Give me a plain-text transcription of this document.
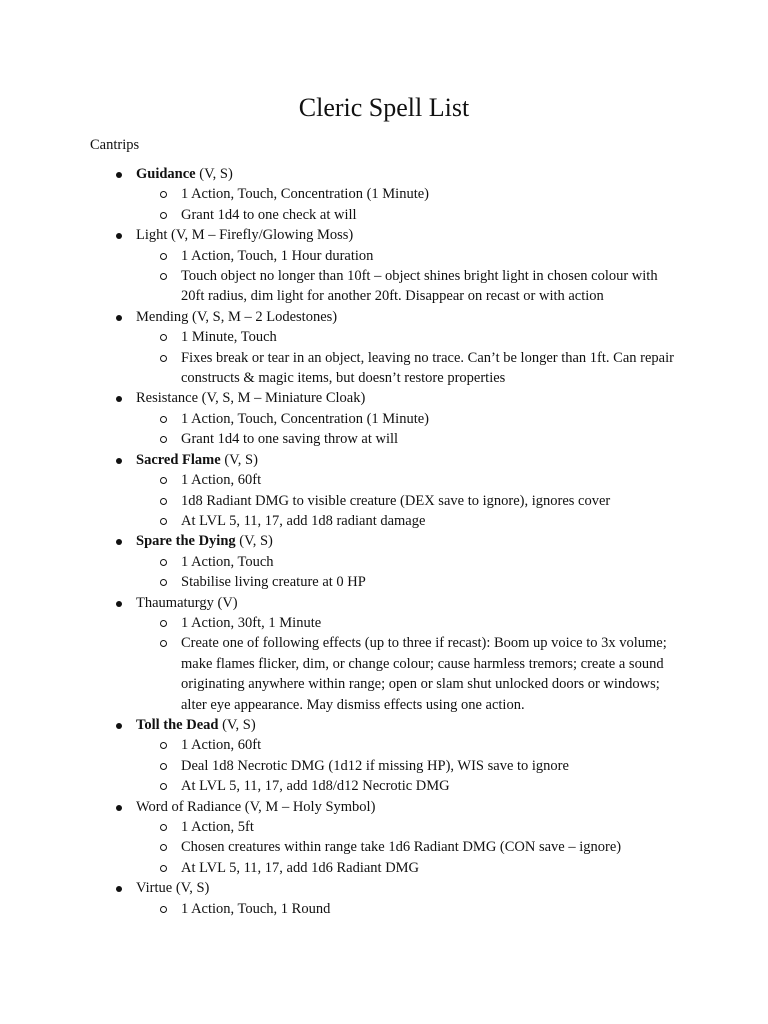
Cleric Spell List
Cantrips
Guidance (V, S)
1 Action, Touch, Concentration (1 Minute)
Grant 1d4 to one check at will
Light (V, M – Firefly/Glowing Moss)
1 Action, Touch, 1 Hour duration
Touch object no longer than 10ft – object shines bright light in chosen colour with 20ft radius, dim light for another 20ft. Disappear on recast or with action
Mending (V, S, M – 2 Lodestones)
1 Minute, Touch
Fixes break or tear in an object, leaving no trace. Can’t be longer than 1ft. Can repair constructs & magic items, but doesn’t restore properties
Resistance (V, S, M – Miniature Cloak)
1 Action, Touch, Concentration (1 Minute)
Grant 1d4 to one saving throw at will
Sacred Flame (V, S)
1 Action, 60ft
1d8 Radiant DMG to visible creature (DEX save to ignore), ignores cover
At LVL 5, 11, 17, add 1d8 radiant damage
Spare the Dying (V, S)
1 Action, Touch
Stabilise living creature at 0 HP
Thaumaturgy (V)
1 Action, 30ft, 1 Minute
Create one of following effects (up to three if recast): Boom up voice to 3x volume; make flames flicker, dim, or change colour; cause harmless tremors; create a sound originating anywhere within range; open or slam shut unlocked doors or windows; alter eye appearance. May dismiss effects using one action.
Toll the Dead (V, S)
1 Action, 60ft
Deal 1d8 Necrotic DMG (1d12 if missing HP), WIS save to ignore
At LVL 5, 11, 17, add 1d8/d12 Necrotic DMG
Word of Radiance (V, M – Holy Symbol)
1 Action, 5ft
Chosen creatures within range take 1d6 Radiant DMG (CON save – ignore)
At LVL 5, 11, 17, add 1d6 Radiant DMG
Virtue (V, S)
1 Action, Touch, 1 Round
